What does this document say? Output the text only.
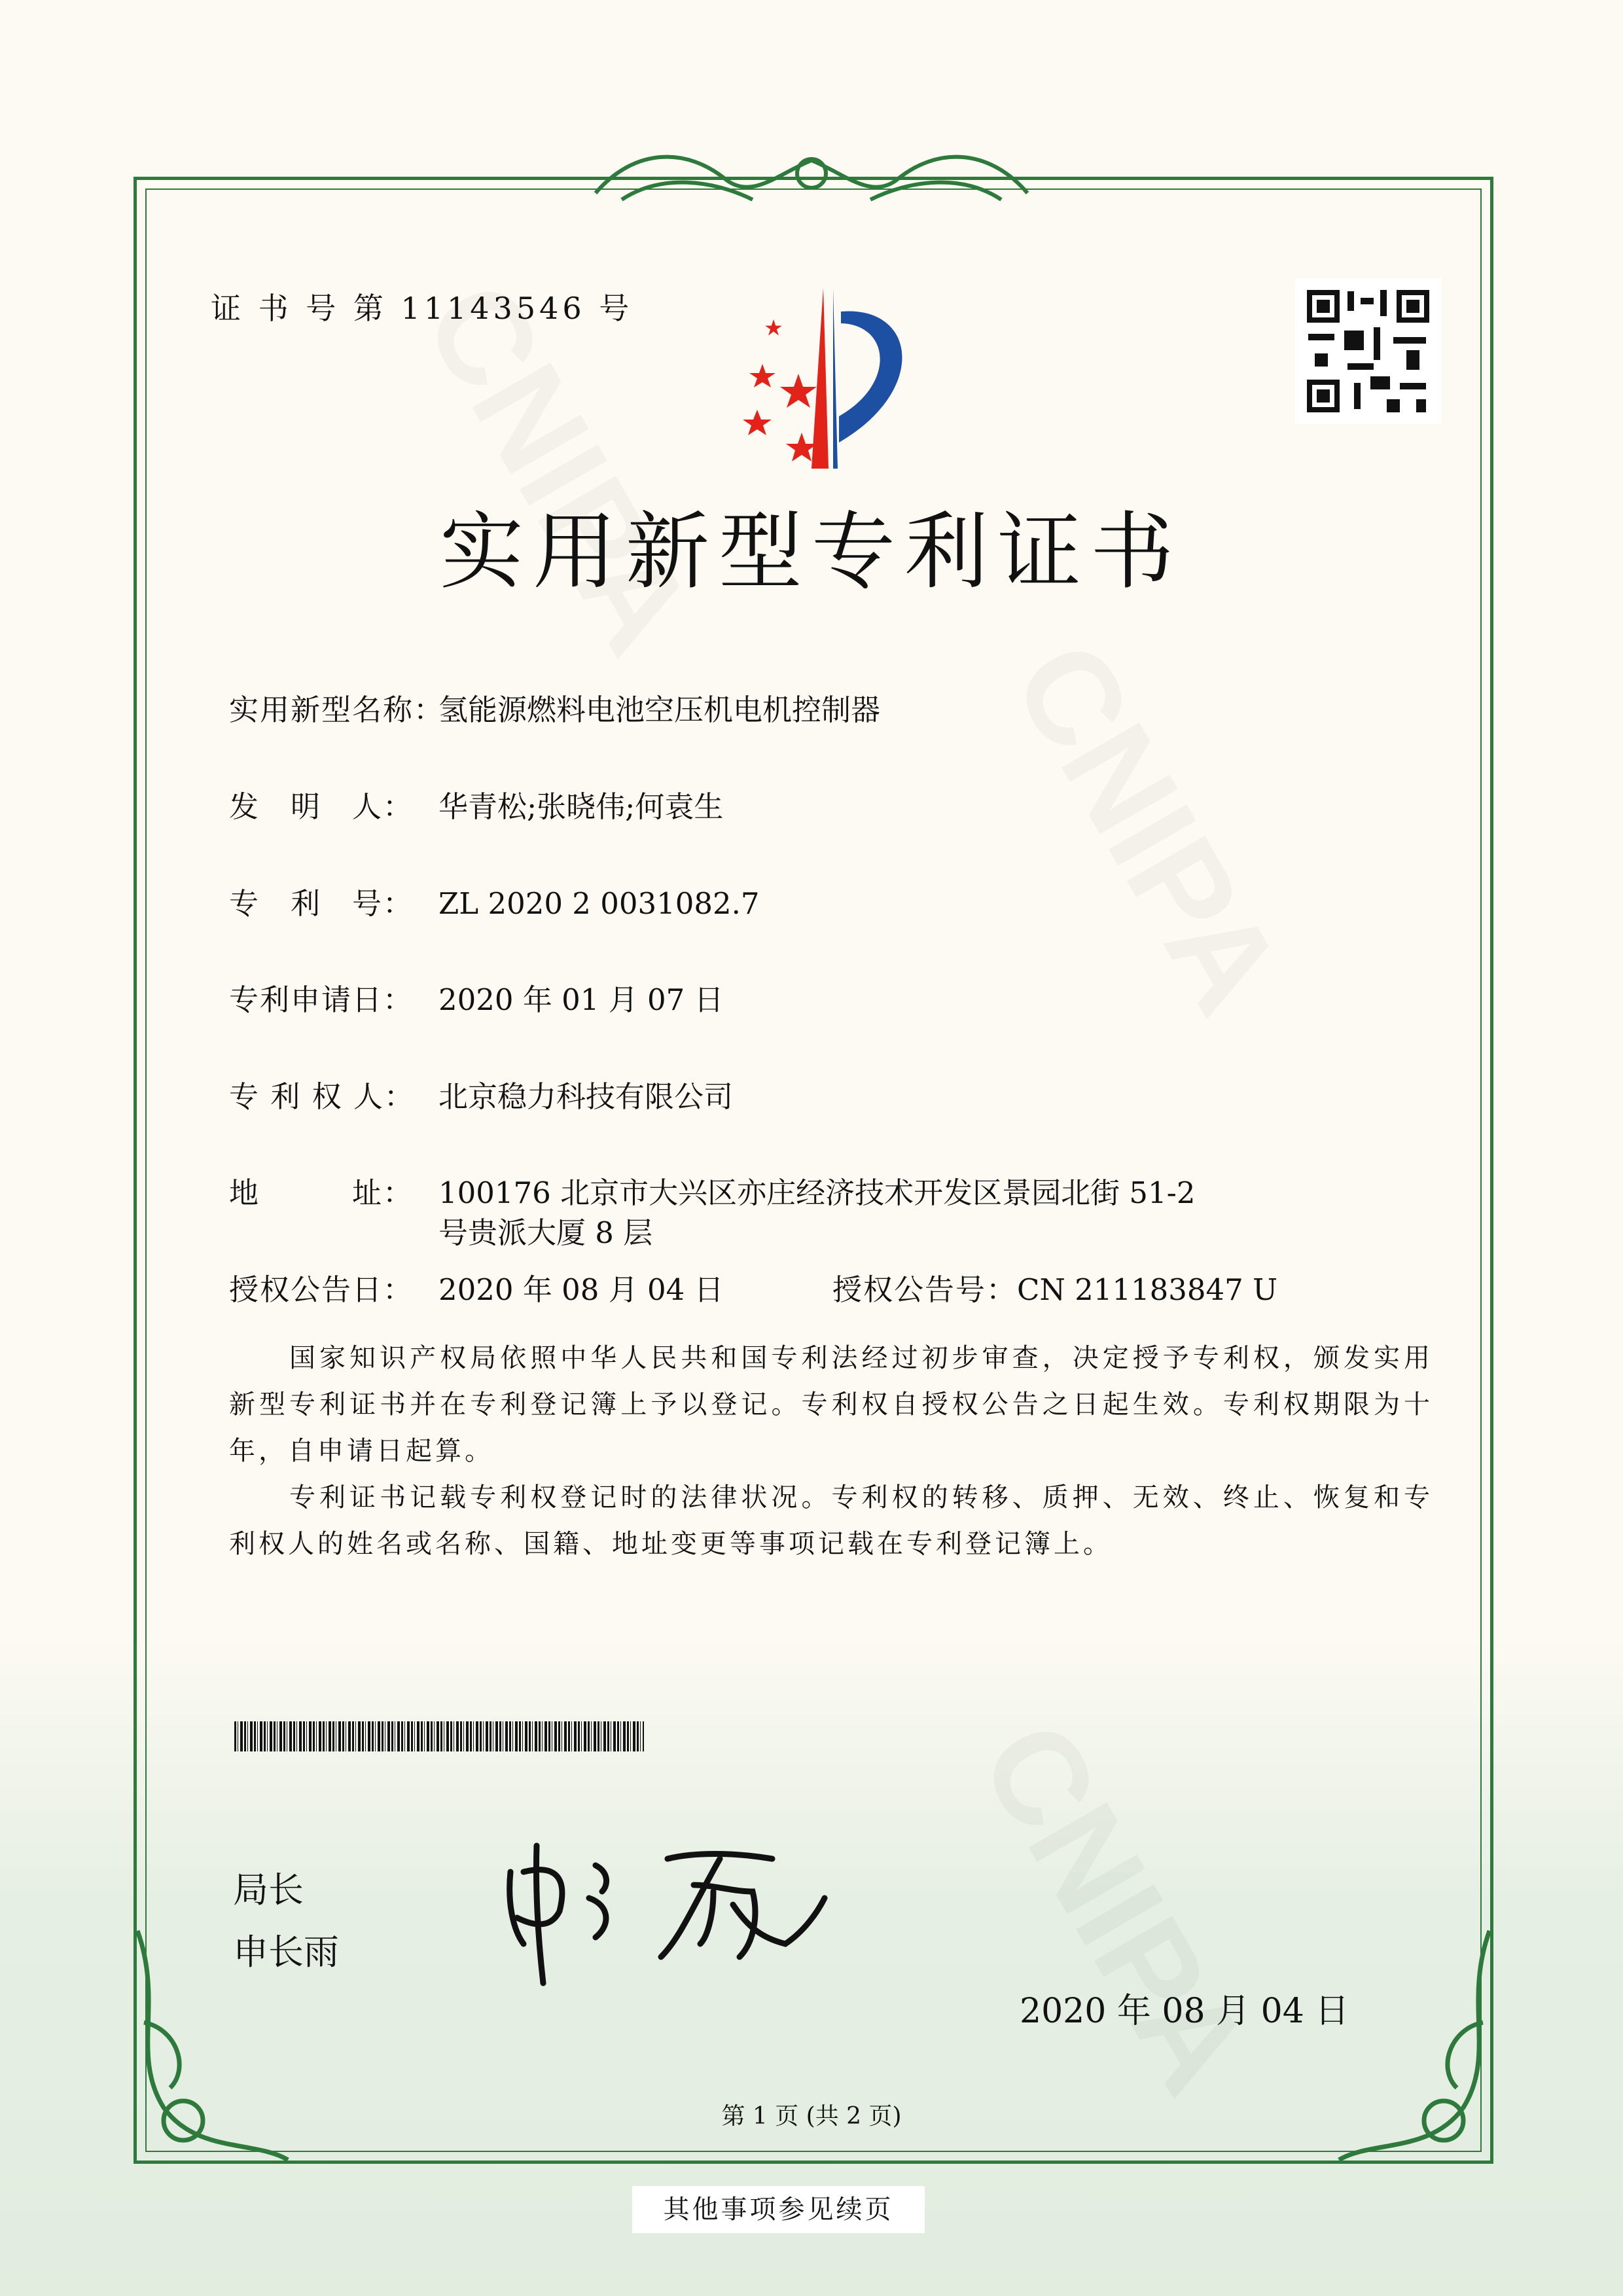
证 书 号 第 11143546 号
实用新型专利证书
实用新型名称：氢能源燃料电池空压机电机控制器
发　明　人： 华青松;张晓伟;何袁生
专　利　号： ZL 2020 2 0031082.7
专利申请日： 2020 年 01 月 07 日
专 利 权 人： 北京稳力科技有限公司
地　　　址： 100176 北京市大兴区亦庄经济技术开发区景园北街 51-2
号贵派大厦 8 层
授权公告日： 2020 年 08 月 04 日	授权公告号：CN 211183847 U

国家知识产权局依照中华人民共和国专利法经过初步审查，决定授予专利权，颁发实用新型专利证书并在专利登记簿上予以登记。专利权自授权公告之日起生效。专利权期限为十年，自申请日起算。

专利证书记载专利权登记时的法律状况。专利权的转移、质押、无效、终止、恢复和专利权人的姓名或名称、国籍、地址变更等事项记载在专利登记簿上。

局长
申长雨
2020 年 08 月 04 日
第 1 页 (共 2 页)
其他事项参见续页
